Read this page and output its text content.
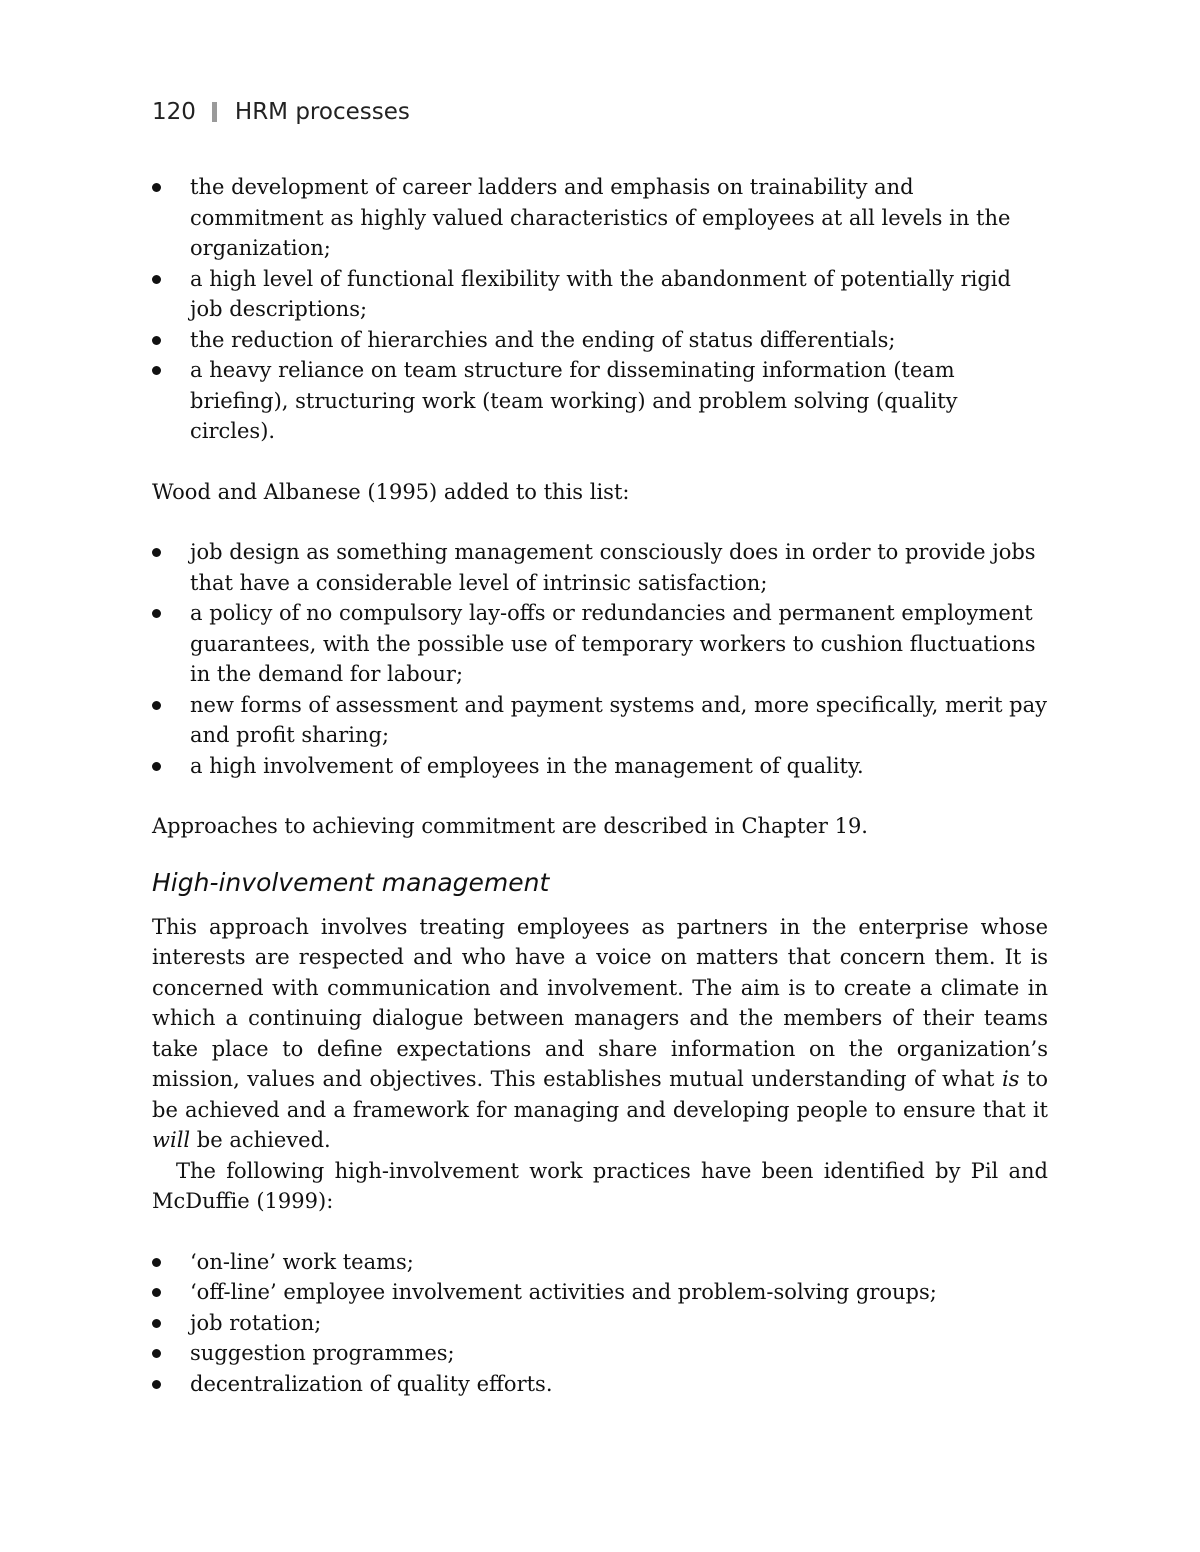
120 HRM processes
the development of career ladders and emphasis on trainability and commitment as highly valued characteristics of employees at all levels in the organization;
a high level of functional flexibility with the abandonment of potentially rigid job descriptions;
the reduction of hierarchies and the ending of status differentials;
a heavy reliance on team structure for disseminating information (team briefing), structuring work (team working) and problem solving (quality circles).

Wood and Albanese (1995) added to this list:

job design as something management consciously does in order to provide jobs that have a considerable level of intrinsic satisfaction;
a policy of no compulsory lay-offs or redundancies and permanent employment guarantees, with the possible use of temporary workers to cushion fluctuations in the demand for labour;
new forms of assessment and payment systems and, more specifically, merit pay and profit sharing;
a high involvement of employees in the management of quality.

Approaches to achieving commitment are described in Chapter 19.

High-involvement management

This approach involves treating employees as partners in the enterprise whose interests are respected and who have a voice on matters that concern them. It is concerned with communication and involvement. The aim is to create a climate in which a continuing dialogue between managers and the members of their teams take place to define expectations and share information on the organization’s mission, values and objectives. This establishes mutual understanding of what is to be achieved and a framework for managing and developing people to ensure that it will be achieved.

The following high-involvement work practices have been identified by Pil and McDuffie (1999):

‘on-line’ work teams;
‘off-line’ employee involvement activities and problem-solving groups;
job rotation;
suggestion programmes;
decentralization of quality efforts.
